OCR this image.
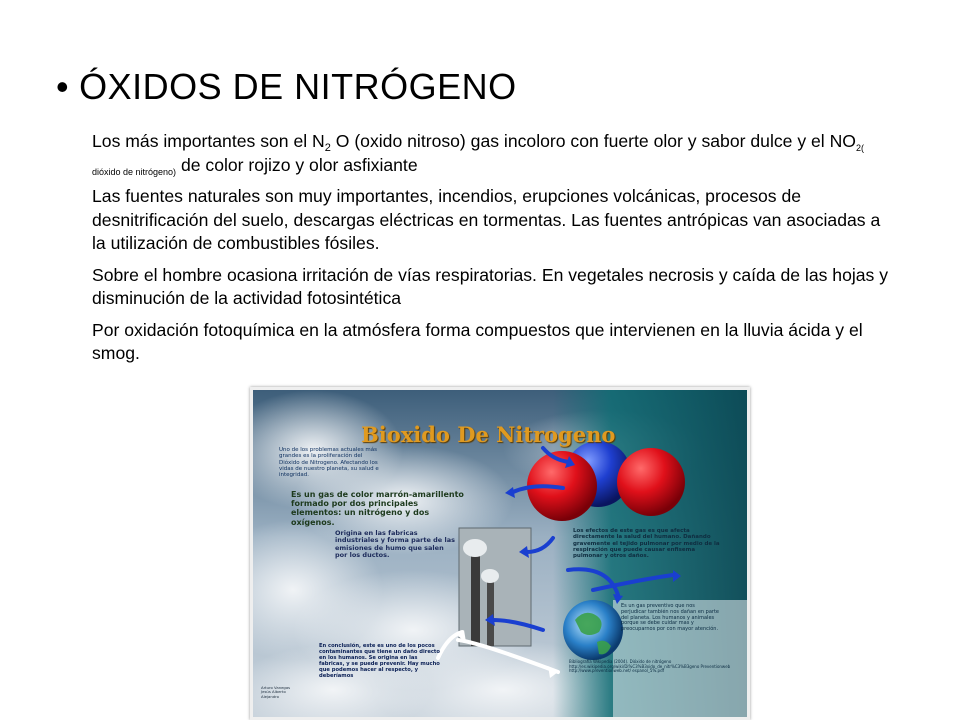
• ÓXIDOS DE NITRÓGENO

Los más importantes son el $N_2$ O (oxido nitroso) gas incoloro con fuerte olor y sabor dulce y el $NO_{2( dióxido de nitrógeno)}$ de color rojizo y olor asfixiante

Las fuentes naturales son muy importantes, incendios, erupciones volcánicas, procesos de desnitrificación del suelo, descargas eléctricas en tormentas. Las fuentes antrópicas van asociadas a la utilización de combustibles fósiles.

Sobre el hombre ocasiona irritación de vías respiratorias. En vegetales necrosis y caída de las hojas y disminución de la actividad fotosintética

Por oxidación fotoquímica en la atmósfera forma compuestos que intervienen en la lluvia ácida y el smog.

Bioxido De Nitrogeno
Uno de los problemas actuales más grandes es la proliferación del Dióxido de Nitrogeno. Afectando los vidas de nuestro planeta, su salud e integridad.
Es un gas de color marrón-amarillento formado por dos principales elementos: un nitrógeno y dos oxígenos.
Origina en las fabricas industriales y forma parte de las emisiones de humo que salen por los ductos.
Los efectos de este gas es que afecta directamente la salud del humano. Dañando gravemente el tejido pulmonar por medio de la respiración que puede causar enfisema pulmonar y otros daños.
Es un gas preventivo que nos perjudicar también nos dañan en parte del planeta. Los humanos y animales porque se debe cuidar mas y preocuparnos por con mayor atención.
En conclusión, este es uno de los pocos contaminantes que tiene un daño directo en los humanos. Se origina en las fabricas, y se puede prevenir. Hay mucho que podemos hacer al respecto, y deberíamos
Bibliografía Wikipedia (2004). Dióxido de nitrógeno http://es.wikipedia.org/wiki/Di%C3%B3xido_de_nitr%C3%B3geno Preventionweb http://www.preventionweb.net/ espanol_5%.pdf
Arturo Vanegas Jesús Alberto Alejandro
